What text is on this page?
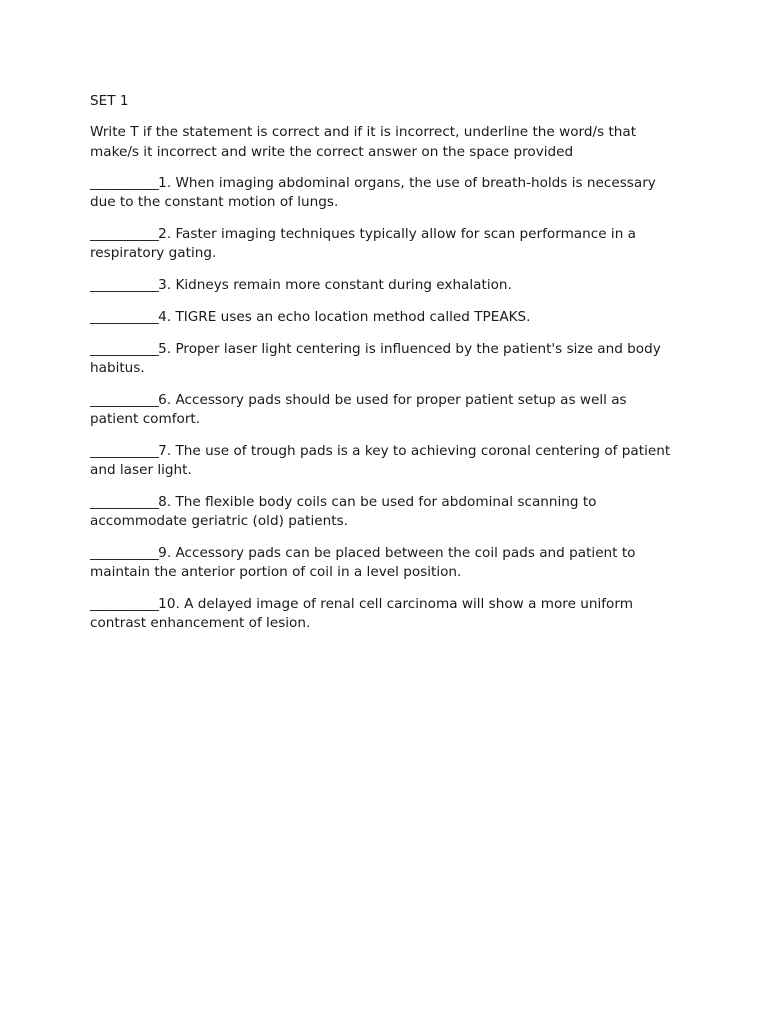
SET 1
Write T if the statement is correct and if it is incorrect, underline the word/s that make/s it incorrect and write the correct answer on the space provided
___________1. When imaging abdominal organs, the use of breath-holds is necessary due to the constant motion of lungs.
___________2. Faster imaging techniques typically allow for scan performance in a respiratory gating.
___________3. Kidneys remain more constant during exhalation.
___________4. TIGRE uses an echo location method called TPEAKS.
___________5. Proper laser light centering is influenced by the patient's size and body habitus.
___________6. Accessory pads should be used for proper patient setup as well as patient comfort.
___________7. The use of trough pads is a key to achieving coronal centering of patient and laser light.
___________8. The flexible body coils can be used for abdominal scanning to accommodate geriatric (old) patients.
___________9. Accessory pads can be placed between the coil pads and patient to maintain the anterior portion of coil in a level position.
___________10. A delayed image of renal cell carcinoma will show a more uniform contrast enhancement of lesion.
